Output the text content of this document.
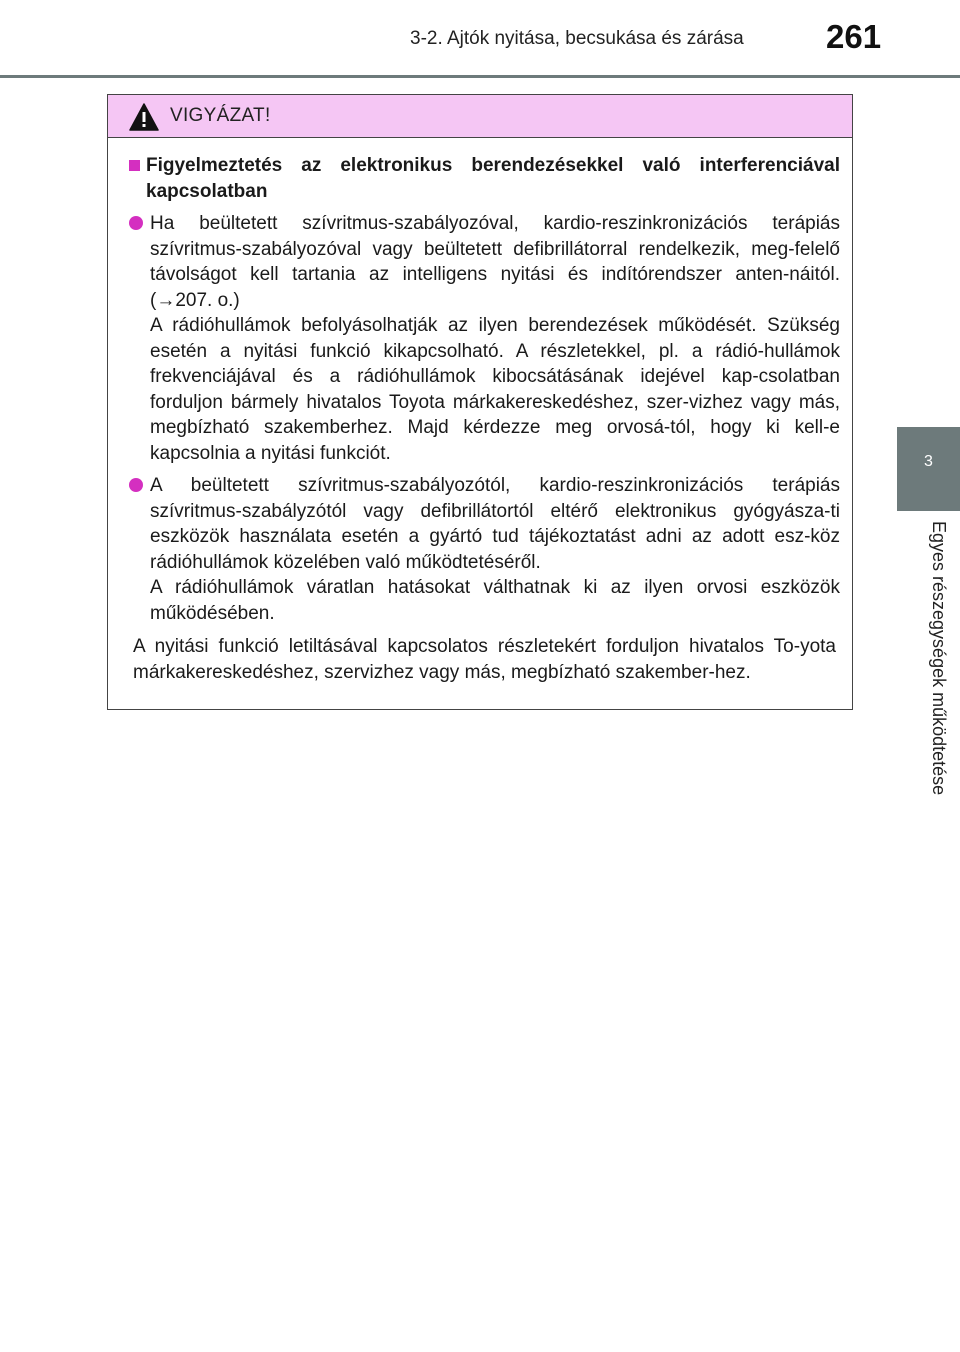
3-2. Ajtók nyitása, becsukása és zárása 261
3
Egyes részegységek működtetése
VIGYÁZAT!

Figyelmeztetés az elektronikus berendezésekkel való interferenciával kapcsolatban

Ha beültetett szívritmus-szabályozóval, kardio-reszinkronizációs terápiás szívritmus-szabályozóval vagy beültetett defibrillátorral rendelkezik, meg-felelő távolságot kell tartania az intelligens nyitási és indítórendszer anten-náitól. (→207. o.)

A rádióhullámok befolyásolhatják az ilyen berendezések működését. Szükség esetén a nyitási funkció kikapcsolható. A részletekkel, pl. a rádió-hullámok frekvenciájával és a rádióhullámok kibocsátásának idejével kap-csolatban forduljon bármely hivatalos Toyota márkakereskedéshez, szer-vizhez vagy más, megbízható szakemberhez. Majd kérdezze meg orvosá-tól, hogy ki kell-e kapcsolnia a nyitási funkciót.

A beültetett szívritmus-szabályozótól, kardio-reszinkronizációs terápiás szívritmus-szabályzótól vagy defibrillátortól eltérő elektronikus gyógyásza-ti eszközök használata esetén a gyártó tud tájékoztatást adni az adott esz-köz rádióhullámok közelében való működtetéséről.

A rádióhullámok váratlan hatásokat válthatnak ki az ilyen orvosi eszközök működésében.

A nyitási funkció letiltásával kapcsolatos részletekért forduljon hivatalos To-yota márkakereskedéshez, szervizhez vagy más, megbízható szakember-hez.
